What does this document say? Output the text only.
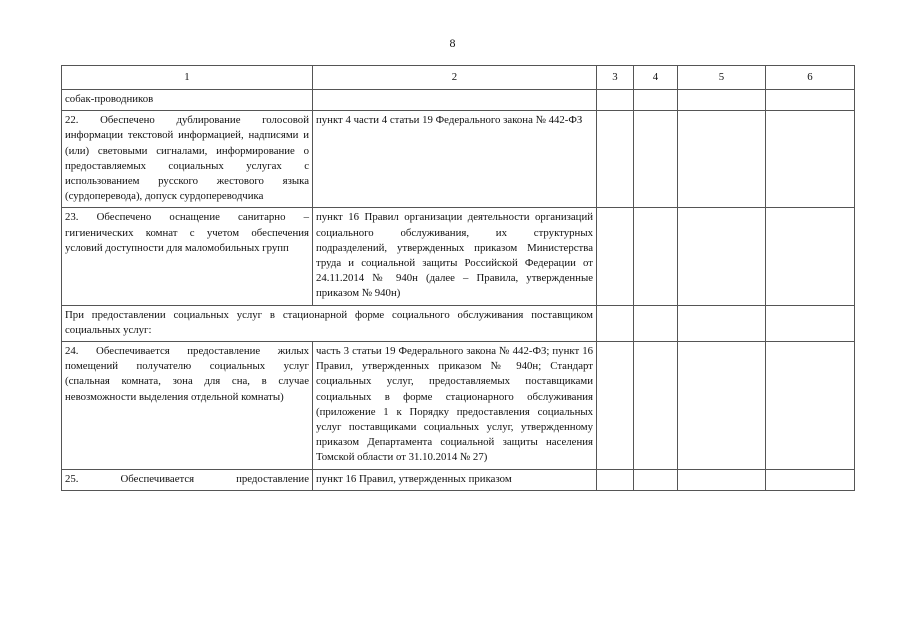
8
1	2	3	4	5	6
собак-проводников					
22. Обеспечено дублирование голосовой информации текстовой информацией, надписями и (или) световыми сигналами, информирование о предоставляемых социальных услугах с использованием русского жестового языка (сурдоперевода), допуск сурдопереводчика	пункт 4 части 4 статьи 19 Федерального закона № 442-ФЗ				
23. Обеспечено оснащение санитарно – гигиенических комнат с учетом обеспечения условий доступности для маломобильных групп	пункт 16 Правил организации деятельности организаций социального обслуживания, их структурных подразделений, утвержденных приказом Министерства труда и социальной защиты Российской Федерации от 24.11.2014 № 940н (далее – Правила, утвержденные приказом № 940н)				
При предоставлении социальных услуг в стационарной форме социального обслуживания поставщиком социальных услуг:					
24. Обеспечивается предоставление жилых помещений получателю социальных услуг (спальная комната, зона для сна, в случае невозможности выделения отдельной комнаты)	часть 3 статьи 19 Федерального закона № 442-ФЗ; пункт 16 Правил, утвержденных приказом № 940н; Стандарт социальных услуг, предоставляемых поставщиками социальных в форме стационарного обслуживания (приложение 1 к Порядку предоставления социальных услуг поставщиками социальных услуг, утвержденному приказом Департамента социальной защиты населения Томской области от 31.10.2014 № 27)				
25. Обеспечивается предоставление	пункт 16 Правил, утвержденных приказом				
